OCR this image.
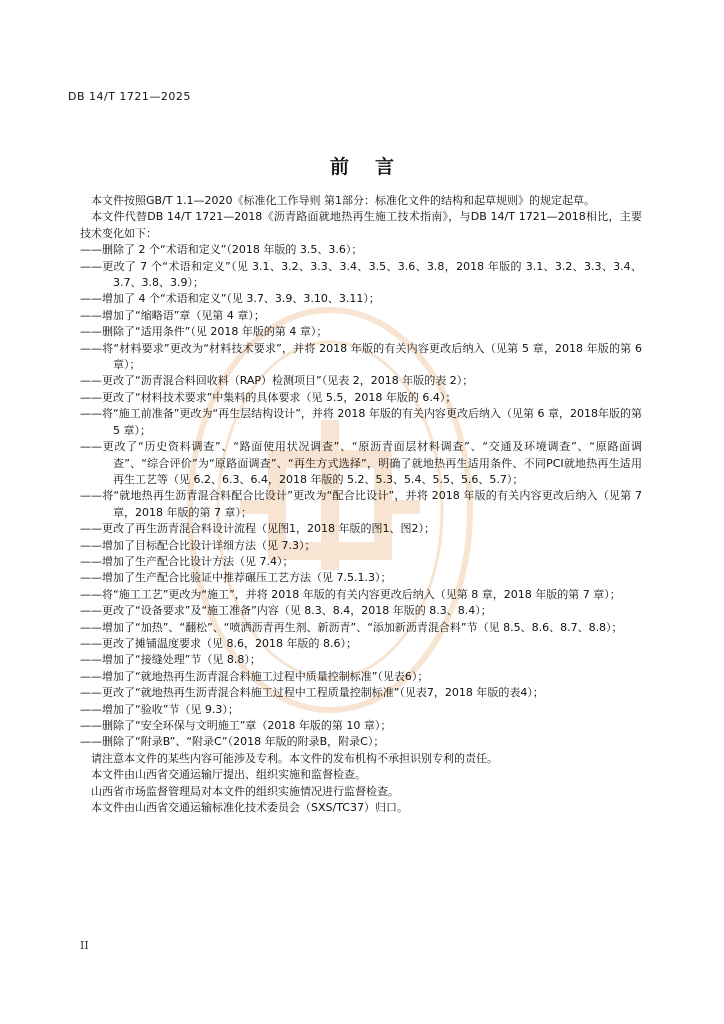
DB 14/T 1721—2025
前言

本文件按照GB/T 1.1—2020《标准化工作导则 第1部分：标准化文件的结构和起草规则》的规定起草。

本文件代替DB 14/T 1721—2018《沥青路面就地热再生施工技术指南》，与DB 14/T 1721—2018相比，主要技术变化如下：

——删除了 2 个“术语和定义”（2018 年版的 3.5、3.6）；

——更改了 7 个“术语和定义”（见 3.1、3.2、3.3、3.4、3.5、3.6、3.8，2018 年版的 3.1、3.2、3.3、3.4、3.7、3.8、3.9）；

——增加了 4 个“术语和定义”（见 3.7、3.9、3.10、3.11）；

——增加了“缩略语”章（见第 4 章）；

——删除了“适用条件”（见 2018 年版的第 4 章）；

——将“材料要求”更改为“材料技术要求”，并将 2018 年版的有关内容更改后纳入（见第 5 章，2018 年版的第 6 章）；

——更改了“沥青混合料回收料（RAP）检测项目”（见表 2，2018 年版的表 2）；

——更改了“材料技术要求”中集料的具体要求（见 5.5，2018 年版的 6.4）；

——将“施工前准备”更改为“再生层结构设计”，并将 2018 年版的有关内容更改后纳入（见第 6 章，2018年版的第 5 章）；

——更改了“历史资料调查”、“路面使用状况调查”、“原沥青面层材料调查”、“交通及环境调查”、“原路面调查”、“综合评价”为“原路面调查”、“再生方式选择”，明确了就地热再生适用条件、不同PCI就地热再生适用再生工艺等（见 6.2、6.3、6.4，2018 年版的 5.2、5.3、5.4、5.5、5.6、5.7）；

——将“就地热再生沥青混合料配合比设计”更改为“配合比设计”，并将 2018 年版的有关内容更改后纳入（见第 7 章，2018 年版的第 7 章）；

——更改了再生沥青混合料设计流程（见图1，2018 年版的图1、图2）；

——增加了目标配合比设计详细方法（见 7.3）；

——增加了生产配合比设计方法（见 7.4）；

——增加了生产配合比验证中推荐碾压工艺方法（见 7.5.1.3）；

——将“施工工艺”更改为“施工”，并将 2018 年版的有关内容更改后纳入（见第 8 章，2018 年版的第 7 章）；

——更改了“设备要求”及“施工准备”内容（见 8.3、8.4，2018 年版的 8.3、8.4）；

——增加了“加热”、“翻松”、“喷洒沥青再生剂、新沥青”、“添加新沥青混合料”节（见 8.5、8.6、8.7、8.8）；

——更改了摊铺温度要求（见 8.6，2018 年版的 8.6）；

——增加了“接缝处理”节（见 8.8）；

——增加了“就地热再生沥青混合料施工过程中质量控制标准”（见表6）；

——更改了“就地热再生沥青混合料施工过程中工程质量控制标准”（见表7，2018 年版的表4）；

——增加了“验收”节（见 9.3）；

——删除了“安全环保与文明施工”章（2018 年版的第 10 章）；

——删除了“附录B”、“附录C”（2018 年版的附录B，附录C）；

请注意本文件的某些内容可能涉及专利。本文件的发布机构不承担识别专利的责任。

本文件由山西省交通运输厅提出、组织实施和监督检查。

山西省市场监督管理局对本文件的组织实施情况进行监督检查。

本文件由山西省交通运输标准化技术委员会（SXS/TC37）归口。

II
